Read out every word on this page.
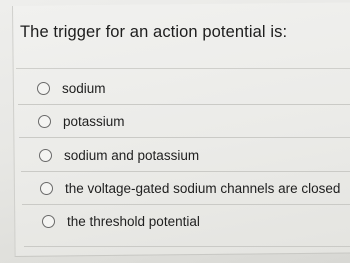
The trigger for an action potential is:
sodium
potassium
sodium and potassium
the voltage-gated sodium channels are closed
the threshold potential
